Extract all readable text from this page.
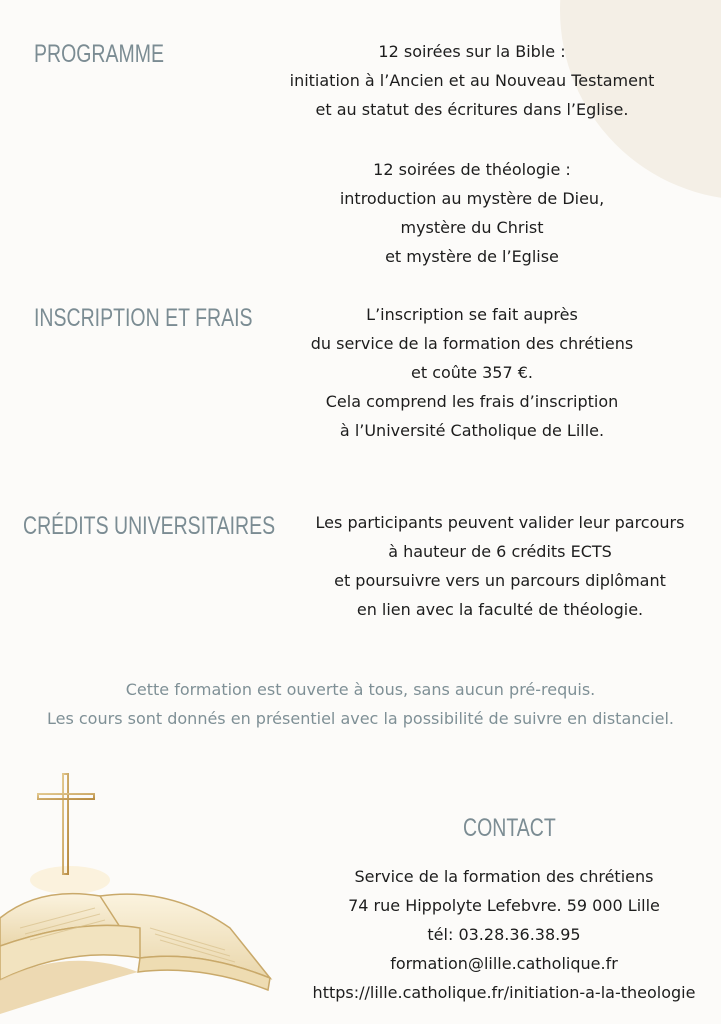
PROGRAMME	12 soirées sur la Bible :
initiation à l’Ancien et au Nouveau Testament
et au statut des écritures dans l’Eglise.
12 soirées de théologie :
introduction au mystère de Dieu,
mystère du Christ
et mystère de l’Eglise
INSCRIPTION ET FRAIS	L’inscription se fait auprès
du service de la formation des chrétiens
et coûte 357 €.
Cela comprend les frais d’inscription
à l’Université Catholique de Lille.
CRÉDITS UNIVERSITAIRES	Les participants peuvent valider leur parcours
à hauteur de 6 crédits ECTS
et poursuivre vers un parcours diplômant
en lien avec la faculté de théologie.
Cette formation est ouverte à tous, sans aucun pré-requis.
Les cours sont donnés en présentiel avec la possibilité de suivre en distanciel.
CONTACT
Service de la formation des chrétiens
74 rue Hippolyte Lefebvre. 59 000 Lille
tél: 03.28.36.38.95
formation@lille.catholique.fr
https://lille.catholique.fr/initiation-a-la-theologie
